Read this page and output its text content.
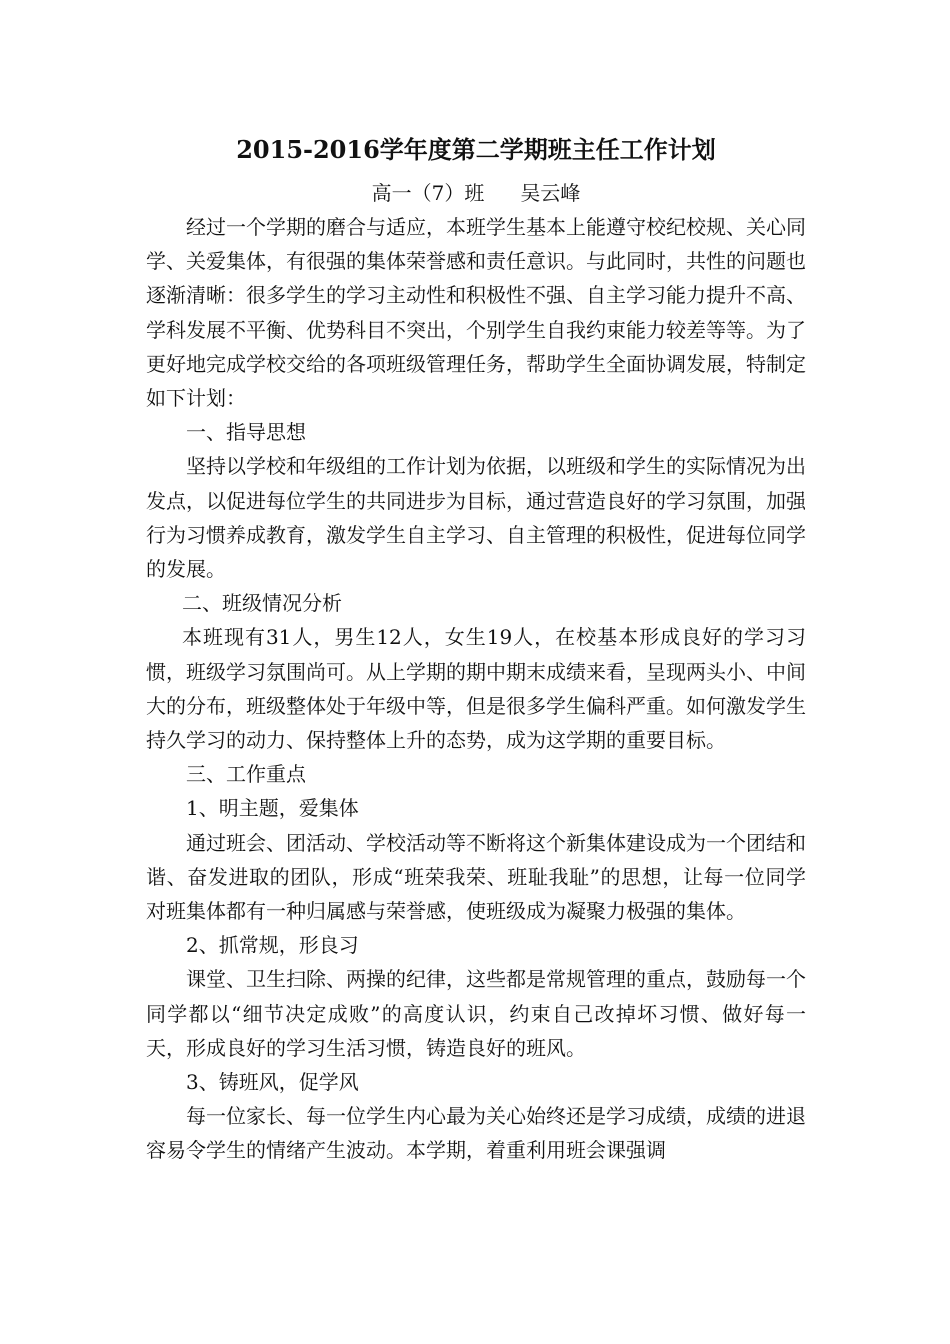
2015-2016学年度第二学期班主任工作计划
高一（7）班 吴云峰

经过一个学期的磨合与适应，本班学生基本上能遵守校纪校规、关心同学、关爱集体，有很强的集体荣誉感和责任意识。与此同时，共性的问题也逐渐清晰：很多学生的学习主动性和积极性不强、自主学习能力提升不高、学科发展不平衡、优势科目不突出，个别学生自我约束能力较差等等。为了更好地完成学校交给的各项班级管理任务，帮助学生全面协调发展，特制定如下计划：

一、指导思想

坚持以学校和年级组的工作计划为依据，以班级和学生的实际情况为出发点，以促进每位学生的共同进步为目标，通过营造良好的学习氛围，加强行为习惯养成教育，激发学生自主学习、自主管理的积极性，促进每位同学的发展。

二、班级情况分析

本班现有31人，男生12人，女生19人，在校基本形成良好的学习习惯，班级学习氛围尚可。从上学期的期中期末成绩来看，呈现两头小、中间大的分布，班级整体处于年级中等，但是很多学生偏科严重。如何激发学生持久学习的动力、保持整体上升的态势，成为这学期的重要目标。

三、工作重点

1、明主题，爱集体

通过班会、团活动、学校活动等不断将这个新集体建设成为一个团结和谐、奋发进取的团队，形成“班荣我荣、班耻我耻”的思想，让每一位同学对班集体都有一种归属感与荣誉感，使班级成为凝聚力极强的集体。

2、抓常规，形良习

课堂、卫生扫除、两操的纪律，这些都是常规管理的重点，鼓励每一个同学都以“细节决定成败”的高度认识，约束自己改掉坏习惯、做好每一天，形成良好的学习生活习惯，铸造良好的班风。

3、铸班风，促学风

每一位家长、每一位学生内心最为关心始终还是学习成绩，成绩的进退容易令学生的情绪产生波动。本学期，着重利用班会课强调
